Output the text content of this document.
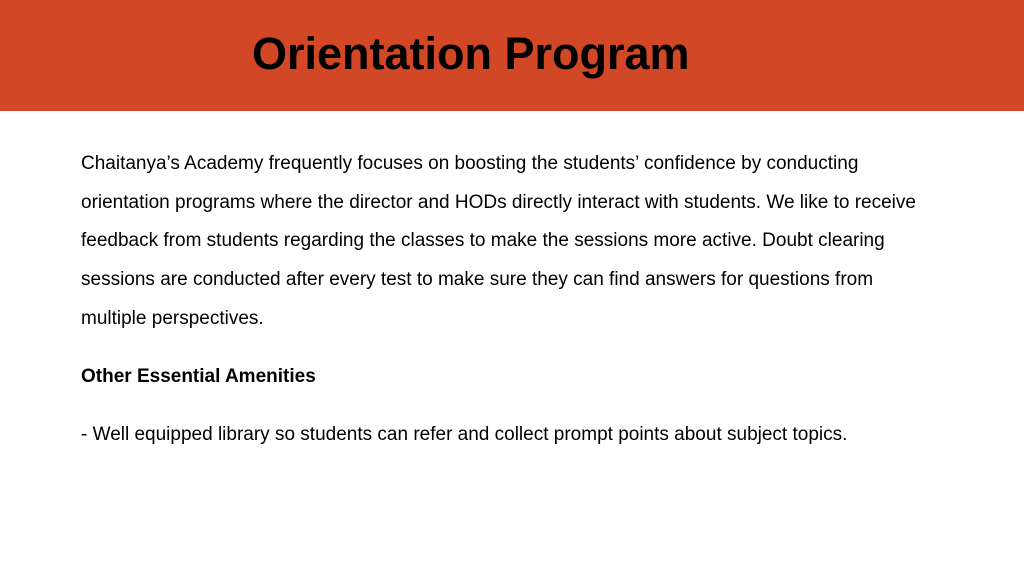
Orientation Program

Chaitanya’s Academy frequently focuses on boosting the students’ confidence by conducting orientation programs where the director and HODs directly interact with students. We like to receive feedback from students regarding the classes to make the sessions more active. Doubt clearing sessions are conducted after every test to make sure they can find answers for questions from multiple perspectives.

Other Essential Amenities

- Well equipped library so students can refer and collect prompt points about subject topics.
